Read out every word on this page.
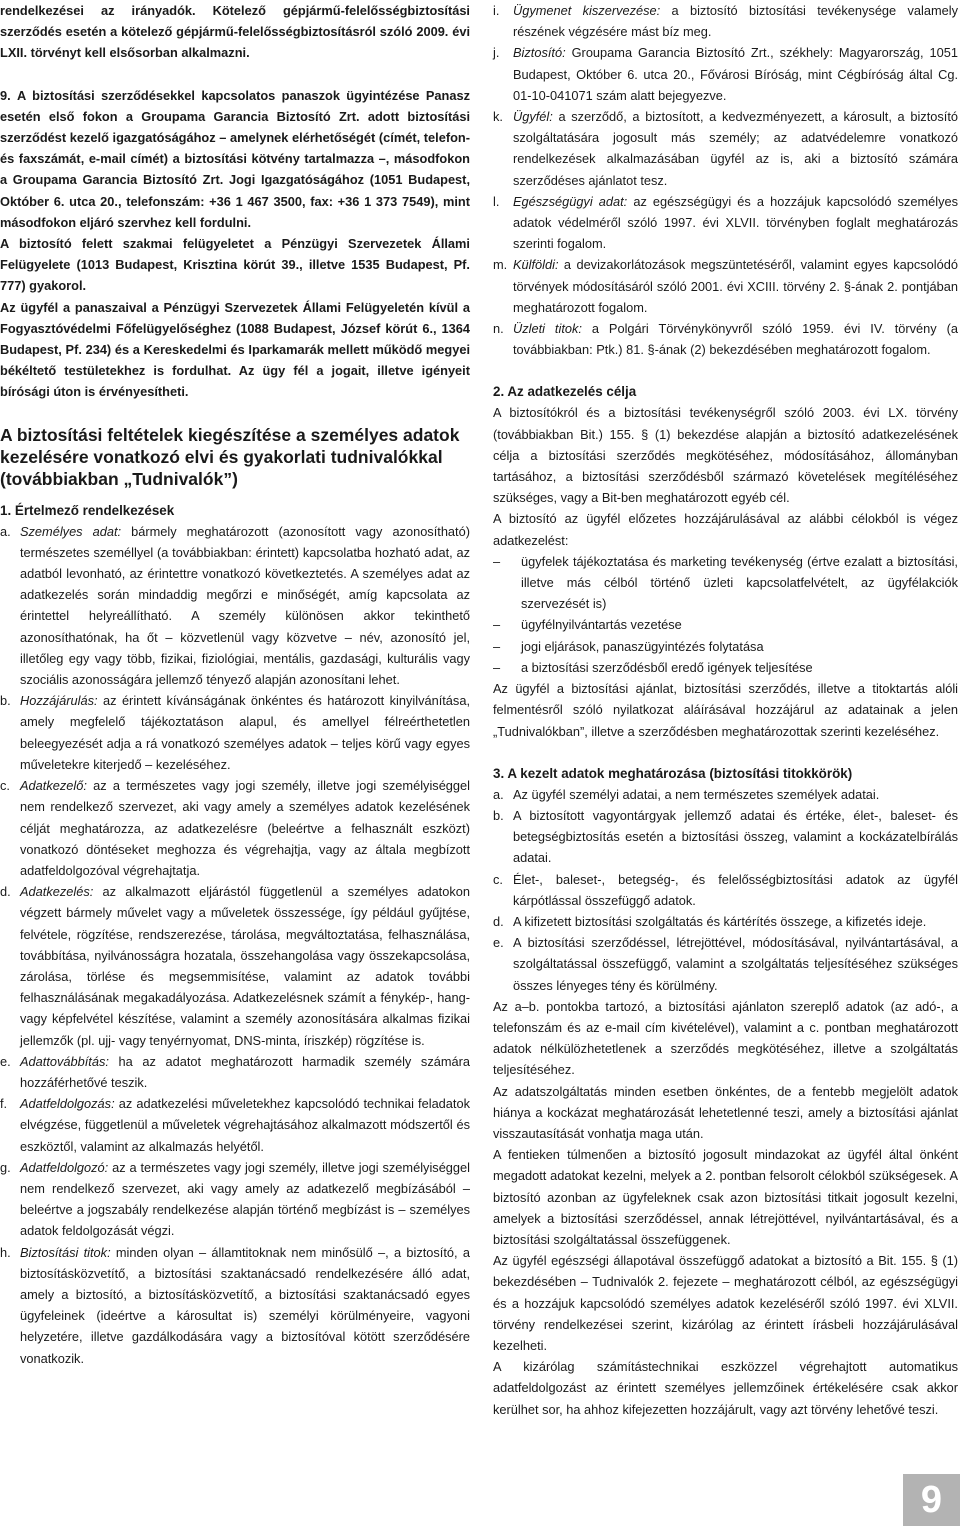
rendelkezései az irányadók. Kötelező gépjármű-felelősségbiztosítási szerződés esetén a kötelező gépjármű-felelősségbiztosításról szóló 2009. évi LXII. törvényt kell elsősorban alkalmazni.

9. A biztosítási szerződésekkel kapcsolatos panaszok ügyintézése Panasz esetén első fokon a Groupama Garancia Biztosító Zrt. adott biztosítási szerződést kezelő igazgatóságához – amelynek elérhetőségét (címét, telefon- és faxszámát, e-mail címét) a biztosítási kötvény tartalmazza –, másodfokon a Groupama Garancia Biztosító Zrt. Jogi Igazgatóságához (1051 Budapest, Október 6. utca 20., telefonszám: +36 1 467 3500, fax: +36 1 373 7549), mint másodfokon eljáró szervhez kell fordulni.

A biztosító felett szakmai felügyeletet a Pénzügyi Szervezetek Állami Felügyelete (1013 Budapest, Krisztina körút 39., illetve 1535 Budapest, Pf. 777) gyakorol.

Az ügyfél a panaszaival a Pénzügyi Szervezetek Állami Felügyeletén kívül a Fogyasztóvédelmi Főfelügyelőséghez (1088 Budapest, József körút 6., 1364 Budapest, Pf. 234) és a Kereskedelmi és Iparkamarák mellett működő megyei békéltető testületekhez is fordulhat. Az ügy fél a jogait, illetve igényeit bírósági úton is érvényesítheti.

A biztosítási feltételek kiegészítése a személyes adatok kezelésére vonatkozó elvi és gyakorlati tudnivalókkal (továbbiakban „Tudnivalók”)
1. Értelmező rendelkezések
a. Személyes adat: bármely meghatározott (azonosított vagy azonosítható) természetes személlyel (a továbbiakban: érintett) kapcsolatba hozható adat, az adatból levonható, az érintettre vonatkozó következtetés. A személyes adat az adatkezelés során mindaddig megőrzi e minőségét, amíg kapcsolata az érintettel helyreállítható. A személy különösen akkor tekinthető azonosíthatónak, ha őt – közvetlenül vagy közvetve – név, azonosító jel, illetőleg egy vagy több, fizikai, fiziológiai, mentális, gazdasági, kulturális vagy szociális azonosságára jellemző tényező alapján azonosítani lehet.

b. Hozzájárulás: az érintett kívánságának önkéntes és határozott kinyilvánítása, amely megfelelő tájékoztatáson alapul, és amellyel félreérthetetlen beleegyezését adja a rá vonatkozó személyes adatok – teljes körű vagy egyes műveletekre kiterjedő – kezeléséhez.

c. Adatkezelő: az a természetes vagy jogi személy, illetve jogi személyiséggel nem rendelkező szervezet, aki vagy amely a személyes adatok kezelésének célját meghatározza, az adatkezelésre (beleértve a felhasznált eszközt) vonatkozó döntéseket meghozza és végrehajtja, vagy az általa megbízott adatfeldolgozóval végrehajtatja.

d. Adatkezelés: az alkalmazott eljárástól függetlenül a személyes adatokon végzett bármely művelet vagy a műveletek összessége, így például gyűjtése, felvétele, rögzítése, rendszerezése, tárolása, megváltoztatása, felhasználása, továbbítása, nyilvánosságra hozatala, összehangolása vagy összekapcsolása, zárolása, törlése és megsemmisítése, valamint az adatok további felhasználásának megakadályozása. Adatkezelésnek számít a fénykép-, hang- vagy képfelvétel készítése, valamint a személy azonosítására alkalmas fizikai jellemzők (pl. ujj- vagy tenyérnyomat, DNS-minta, íriszkép) rögzítése is.

e. Adattovábbítás: ha az adatot meghatározott harmadik személy számára hozzáférhetővé teszik.

f.	Adatfeldolgozás: az adatkezelési műveletekhez kapcsolódó technikai feladatok elvégzése, függetlenül a műveletek végrehajtásához alkalmazott módszertől és eszköztől, valamint az alkalmazás helyétől.

g. Adatfeldolgozó: az a természetes vagy jogi személy, illetve jogi személyiséggel nem rendelkező szervezet, aki vagy amely az adatkezelő megbízásából – beleértve a jogszabály rendelkezése alapján történő megbízást is – személyes adatok feldolgozását végzi.

h. Biztosítási titok: minden olyan – államtitoknak nem minősülő –, a biztosító, a biztosításközvetítő, a biztosítási szaktanácsadó rendelkezésére álló adat, amely a biztosító, a biztosításközvetítő, a biztosítási szaktanácsadó egyes ügyfeleinek (ideértve a károsultat is) személyi körülményeire, vagyoni helyzetére, illetve gazdálkodására vagy a biztosítóval kötött szerződésére vonatkozik.

i.	Ügymenet kiszervezése: a biztosító biztosítási tevékenysége valamely részének végzésére mást bíz meg.

j.	Biztosító: Groupama Garancia Biztosító Zrt., székhely: Magyarország, 1051 Budapest, Október 6. utca 20., Fővárosi Bíróság, mint Cégbíróság által Cg. 01-10-041071 szám alatt bejegyezve.

k. Ügyfél: a szerződő, a biztosított, a kedvezményezett, a károsult, a biztosító szolgáltatására jogosult más személy; az adatvédelemre vonatkozó rendelkezések alkalmazásában ügyfél az is, aki a biztosító számára szerződéses ajánlatot tesz.

l.	Egészségügyi adat: az egészségügyi és a hozzájuk kapcsolódó személyes adatok védelméről szóló 1997. évi XLVII. törvényben foglalt meghatározás szerinti fogalom.

m. Külföldi: a devizakorlátozások megszüntetéséről, valamint egyes kapcsolódó törvények módosításáról szóló 2001. évi XCIII. törvény 2. §-ának 2. pontjában meghatározott fogalom.

n. Üzleti titok: a Polgári Törvénykönyvről szóló 1959. évi IV. törvény (a továbbiakban: Ptk.) 81. §-ának (2) bekezdésében meghatározott fogalom.

2. Az adatkezelés célja

A biztosítókról és a biztosítási tevékenységről szóló 2003. évi LX. törvény (továbbiakban Bit.) 155. § (1) bekezdése alapján a biztosító adatkezelésének célja a biztosítási szerződés megkötéséhez, módosításához, állományban tartásához, a biztosítási szerződésből származó követelések megítéléséhez szükséges, vagy a Bit-ben meghatározott egyéb cél.

A biztosító az ügyfél előzetes hozzájárulásával az alábbi célokból is végez adatkezelést:

–	ügyfelek tájékoztatása és marketing tevékenység (értve ezalatt a biztosítási, illetve más célból történő üzleti kapcsolatfelvételt, az ügyfélakciók szervezését is)

–	ügyfélnyilvántartás vezetése

–	jogi eljárások, panaszügyintézés folytatása

–	a biztosítási szerződésből eredő igények teljesítése

Az ügyfél a biztosítási ajánlat, biztosítási szerződés, illetve a titoktartás alóli felmentésről szóló nyilatkozat aláírásával hozzájárul az adatainak a jelen „Tudnivalókban”, illetve a szerződésben meghatározottak szerinti kezeléséhez.

3. A kezelt adatok meghatározása (biztosítási titokkörök)
a. Az ügyfél személyi adatai, a nem természetes személyek adatai.

b. A biztosított vagyontárgyak jellemző adatai és értéke, élet-, baleset- és betegségbiztosítás esetén a biztosítási összeg, valamint a kockázatelbírálás adatai.

c. Élet-, baleset-, betegség-, és felelősségbiztosítási adatok az ügyfél kárpótlással összefüggő adatok.

d. A kifizetett biztosítási szolgáltatás és kártérítés összege, a kifizetés ideje.

e. A biztosítási szerződéssel, létrejöttével, módosításával, nyilvántartásával, a szolgáltatással összefüggő, valamint a szolgáltatás teljesítéséhez szükséges összes lényeges tény és körülmény.

Az a–b. pontokba tartozó, a biztosítási ajánlaton szereplő adatok (az adó-, a telefonszám és az e-mail cím kivételével), valamint a c. pontban meghatározott adatok nélkülözhetetlenek a szerződés megkötéséhez, illetve a szolgáltatás teljesítéséhez.

Az adatszolgáltatás minden esetben önkéntes, de a fentebb megjelölt adatok hiánya a kockázat meghatározását lehetetlenné teszi, amely a biztosítási ajánlat visszautasítását vonhatja maga után.

A fentieken túlmenően a biztosító jogosult mindazokat az ügyfél által önként megadott adatokat kezelni, melyek a 2. pontban felsorolt célokból szükségesek. A biztosító azonban az ügyfeleknek csak azon biztosítási titkait jogosult kezelni, amelyek a biztosítási szerződéssel, annak létrejöttével, nyilvántartásával, és a biztosítási szolgáltatással összefüggenek.

Az ügyfél egészségi állapotával összefüggő adatokat a biztosító a Bit. 155. § (1) bekezdésében – Tudnivalók 2. fejezete – meghatározott célból, az egészségügyi és a hozzájuk kapcsolódó személyes adatok kezeléséről szóló 1997. évi XLVII. törvény rendelkezései szerint, kizárólag az érintett írásbeli hozzájárulásával kezelheti.

A kizárólag számítástechnikai eszközzel végrehajtott automatikus adatfeldolgozást az érintett személyes jellemzőinek értékelésére csak akkor kerülhet sor, ha ahhoz kifejezetten hozzájárult, vagy azt törvény lehetővé teszi.

9
